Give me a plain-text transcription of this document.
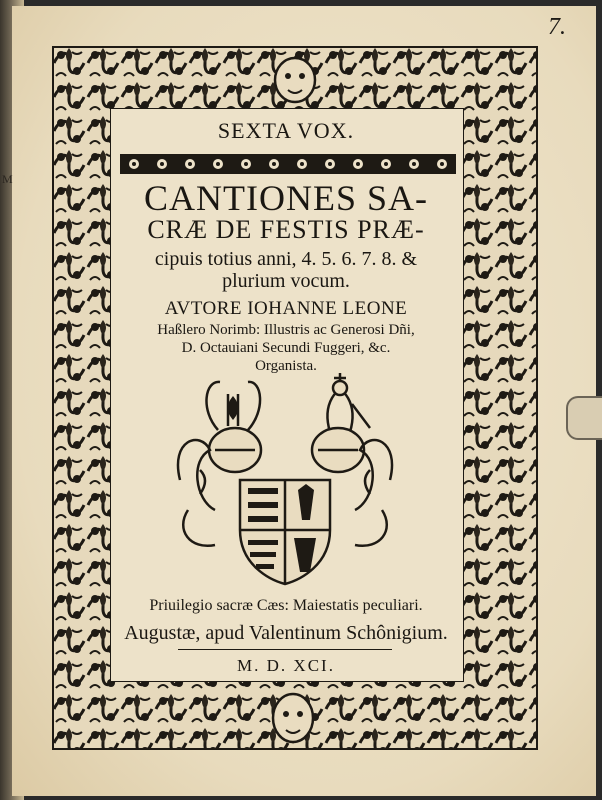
M
7.
SEXTA VOX.
CANTIONES SA-
CRÆ DE FESTIS PRÆ-
cipuis totius anni, 4. 5. 6. 7. 8. &
plurium vocum.
AVTORE IOHANNE LEONE
Haßlero Norimb: Illustris ac Generosi Dñi,
D. Octauiani Secundi Fuggeri, &c.
Organista.
Priuilegio sacræ Cæs: Maiestatis peculiari.
Augustæ, apud Valentinum Schônigium.
M. D. XCI.
